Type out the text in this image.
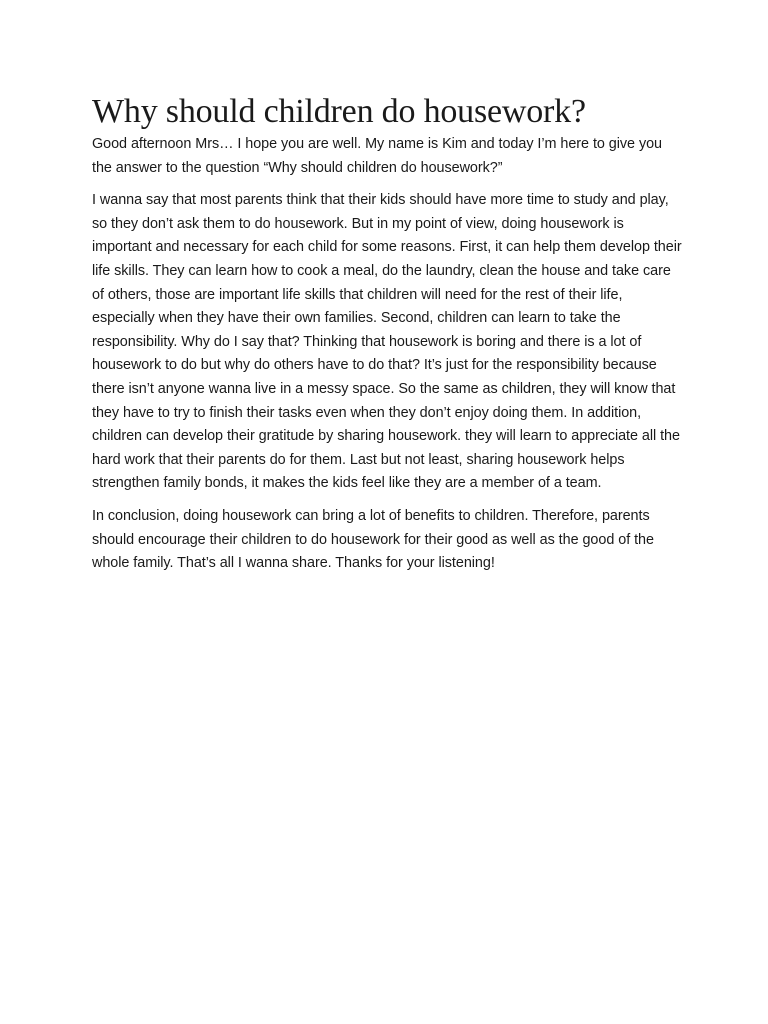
Why should children do housework?

Good afternoon Mrs… I hope you are well. My name is Kim and today I’m here to give you the answer to the question “Why should children do housework?”

I wanna say that most parents think that their kids should have more time to study and play, so they don’t ask them to do housework. But in my point of view, doing housework is important and necessary for each child for some reasons. First, it can help them develop their life skills. They can learn how to cook a meal, do the laundry, clean the house and take care of others, those are important life skills that children will need for the rest of their life, especially when they have their own families. Second, children can learn to take the responsibility. Why do I say that? Thinking that housework is boring and there is a lot of housework to do but why do others have to do that? It’s just for the responsibility because there isn’t anyone wanna live in a messy space. So the same as children, they will know that they have to try to finish their tasks even when they don’t enjoy doing them. In addition, children can develop their gratitude by sharing housework. they will learn to appreciate all the hard work that their parents do for them. Last but not least, sharing housework helps strengthen family bonds, it makes the kids feel like they are a member of a team.

In conclusion, doing housework can bring a lot of benefits to children. Therefore, parents should encourage their children to do housework for their good as well as the good of the whole family. That’s all I wanna share. Thanks for your listening!
